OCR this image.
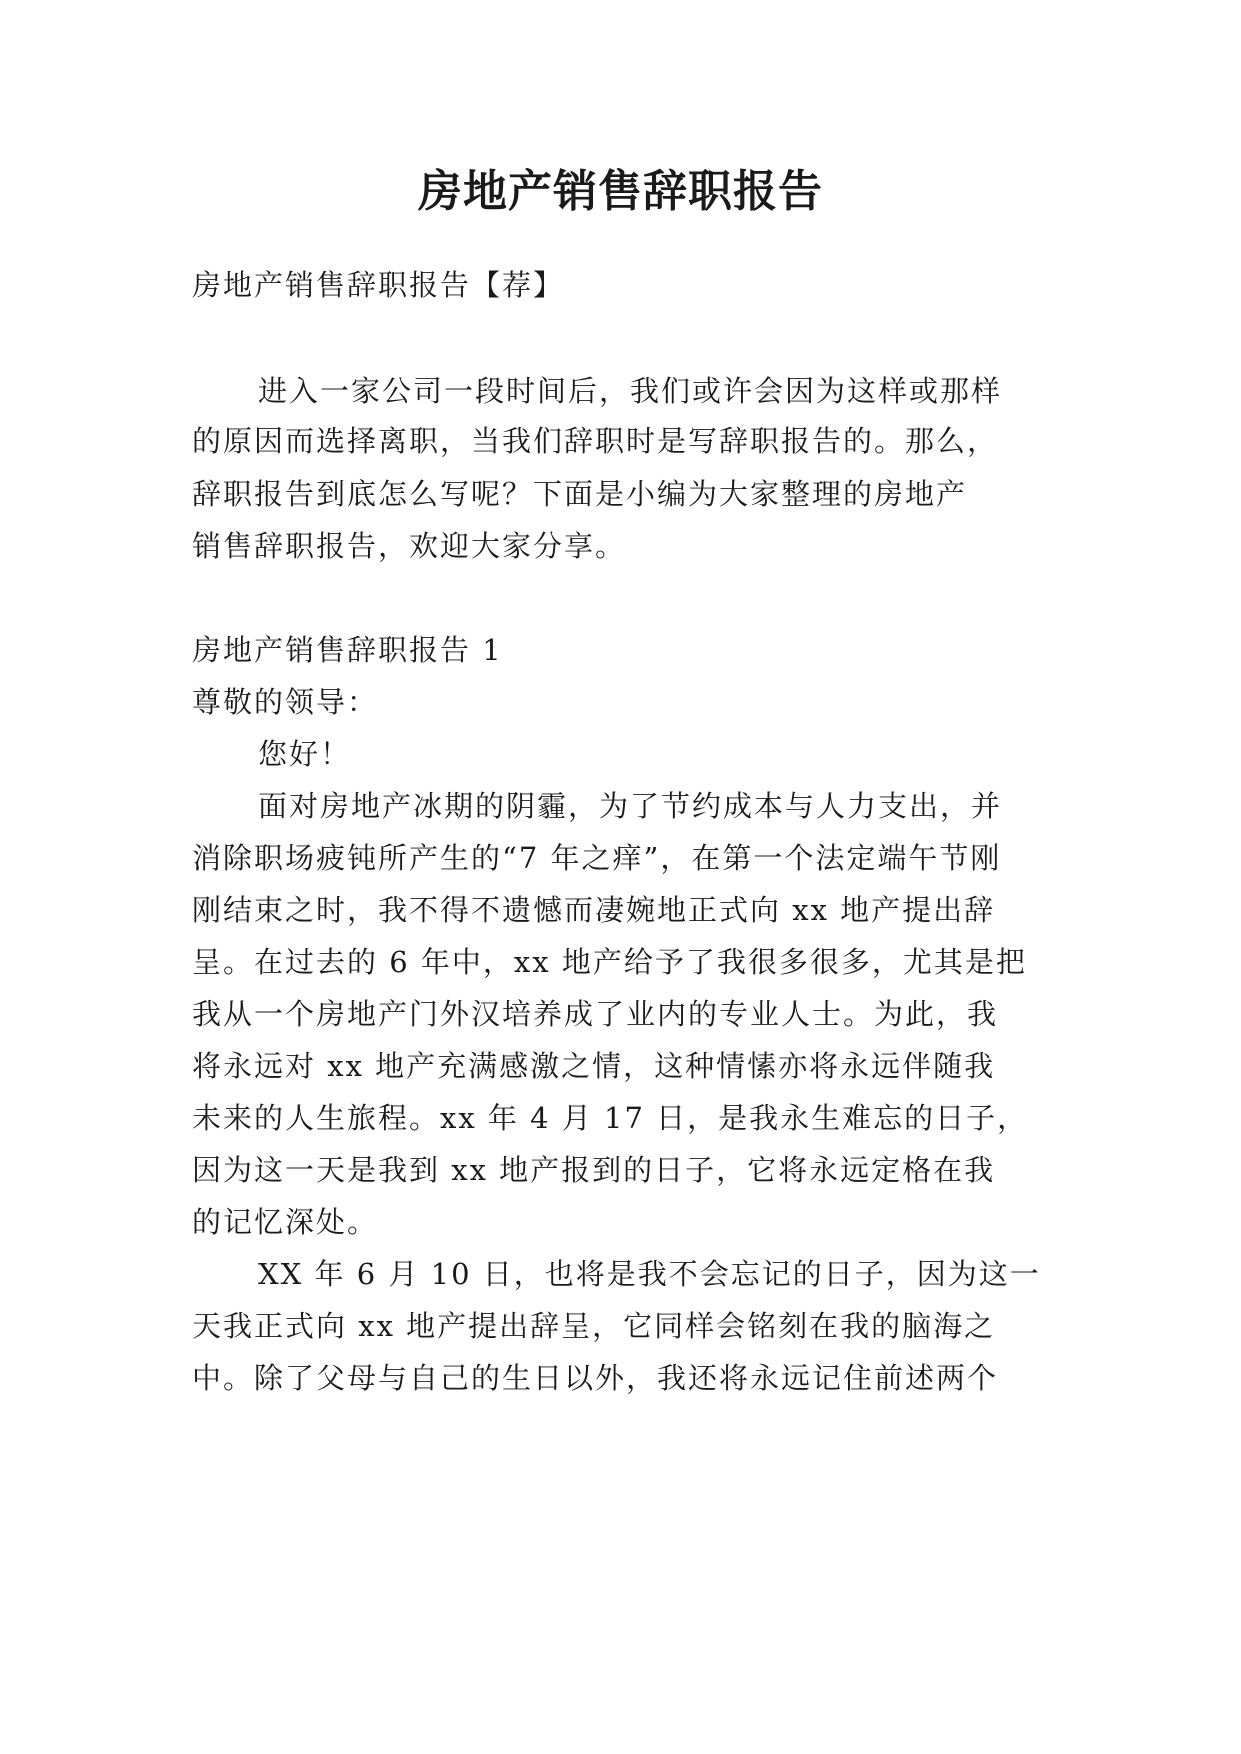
房地产销售辞职报告
房地产销售辞职报告【荐】
进入一家公司一段时间后，我们或许会因为这样或那样
的原因而选择离职，当我们辞职时是写辞职报告的。那么，
辞职报告到底怎么写呢？下面是小编为大家整理的房地产
销售辞职报告，欢迎大家分享。
房地产销售辞职报告 1
尊敬的领导：
您好！
面对房地产冰期的阴霾，为了节约成本与人力支出，并
消除职场疲钝所产生的“7 年之痒”，在第一个法定端午节刚
刚结束之时，我不得不遗憾而凄婉地正式向 xx 地产提出辞
呈。在过去的 6 年中，xx 地产给予了我很多很多，尤其是把
我从一个房地产门外汉培养成了业内的专业人士。为此，我
将永远对 xx 地产充满感激之情，这种情愫亦将永远伴随我
未来的人生旅程。xx 年 4 月 17 日，是我永生难忘的日子，
因为这一天是我到 xx 地产报到的日子，它将永远定格在我
的记忆深处。
XX 年 6 月 10 日，也将是我不会忘记的日子，因为这一
天我正式向 xx 地产提出辞呈，它同样会铭刻在我的脑海之
中。除了父母与自己的生日以外，我还将永远记住前述两个
